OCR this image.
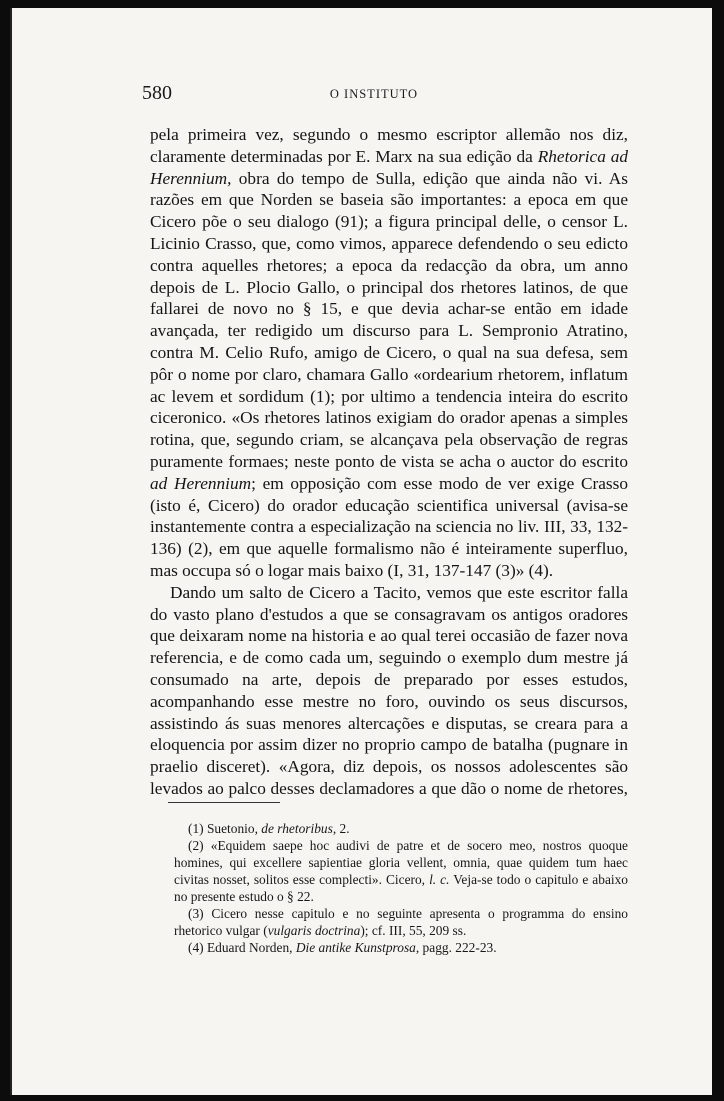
580	O INSTITUTO

pela primeira vez, segundo o mesmo escriptor allemão nos diz, claramente determinadas por E. Marx na sua edição da Rhetorica ad Herennium, obra do tempo de Sulla, edição que ainda não vi. As razões em que Norden se baseia são importantes: a epoca em que Cicero põe o seu dialogo (91); a figura principal delle, o censor L. Licinio Crasso, que, como vimos, apparece defendendo o seu edicto contra aquelles rhetores; a epoca da redacção da obra, um anno depois de L. Plocio Gallo, o principal dos rhetores latinos, de que fallarei de novo no § 15, e que devia achar-se então em idade avançada, ter redigido um discurso para L. Sempronio Atratino, contra M. Celio Rufo, amigo de Cicero, o qual na sua defesa, sem pôr o nome por claro, chamara Gallo «ordearium rhetorem, inflatum ac levem et sordidum (1); por ultimo a tendencia inteira do escrito ciceronico. «Os rhetores latinos exigiam do orador apenas a simples rotina, que, segundo criam, se alcançava pela observação de regras puramente formaes; neste ponto de vista se acha o auctor do escrito ad Herennium; em opposição com esse modo de ver exige Crasso (isto é, Cicero) do orador educação scientifica universal (avisa-se instantemente contra a especialização na sciencia no liv. III, 33, 132-136) (2), em que aquelle formalismo não é inteiramente superfluo, mas occupa só o logar mais baixo (I, 31, 137-147 (3)» (4).

Dando um salto de Cicero a Tacito, vemos que este escritor falla do vasto plano d'estudos a que se consagravam os antigos oradores que deixaram nome na historia e ao qual terei occasião de fazer nova referencia, e de como cada um, seguindo o exemplo dum mestre já consumado na arte, depois de preparado por esses estudos, acompanhando esse mestre no foro, ouvindo os seus discursos, assistindo ás suas menores altercações e disputas, se creara para a eloquencia por assim dizer no proprio campo de batalha (pugnare in praelio disceret). «Agora, diz depois, os nossos adolescentes são levados ao palco desses declamadores a que dão o nome de rhetores,

(1) Suetonio, de rhetoribus, 2.

(2) «Equidem saepe hoc audivi de patre et de socero meo, nostros quoque homines, qui excellere sapientiae gloria vellent, omnia, quae quidem tum haec civitas nosset, solitos esse complecti». Cicero, l. c. Veja-se todo o capitulo e abaixo no presente estudo o § 22.

(3) Cicero nesse capitulo e no seguinte apresenta o programma do ensino rhetorico vulgar (vulgaris doctrina); cf. III, 55, 209 ss.

(4) Eduard Norden, Die antike Kunstprosa, pagg. 222-23.
